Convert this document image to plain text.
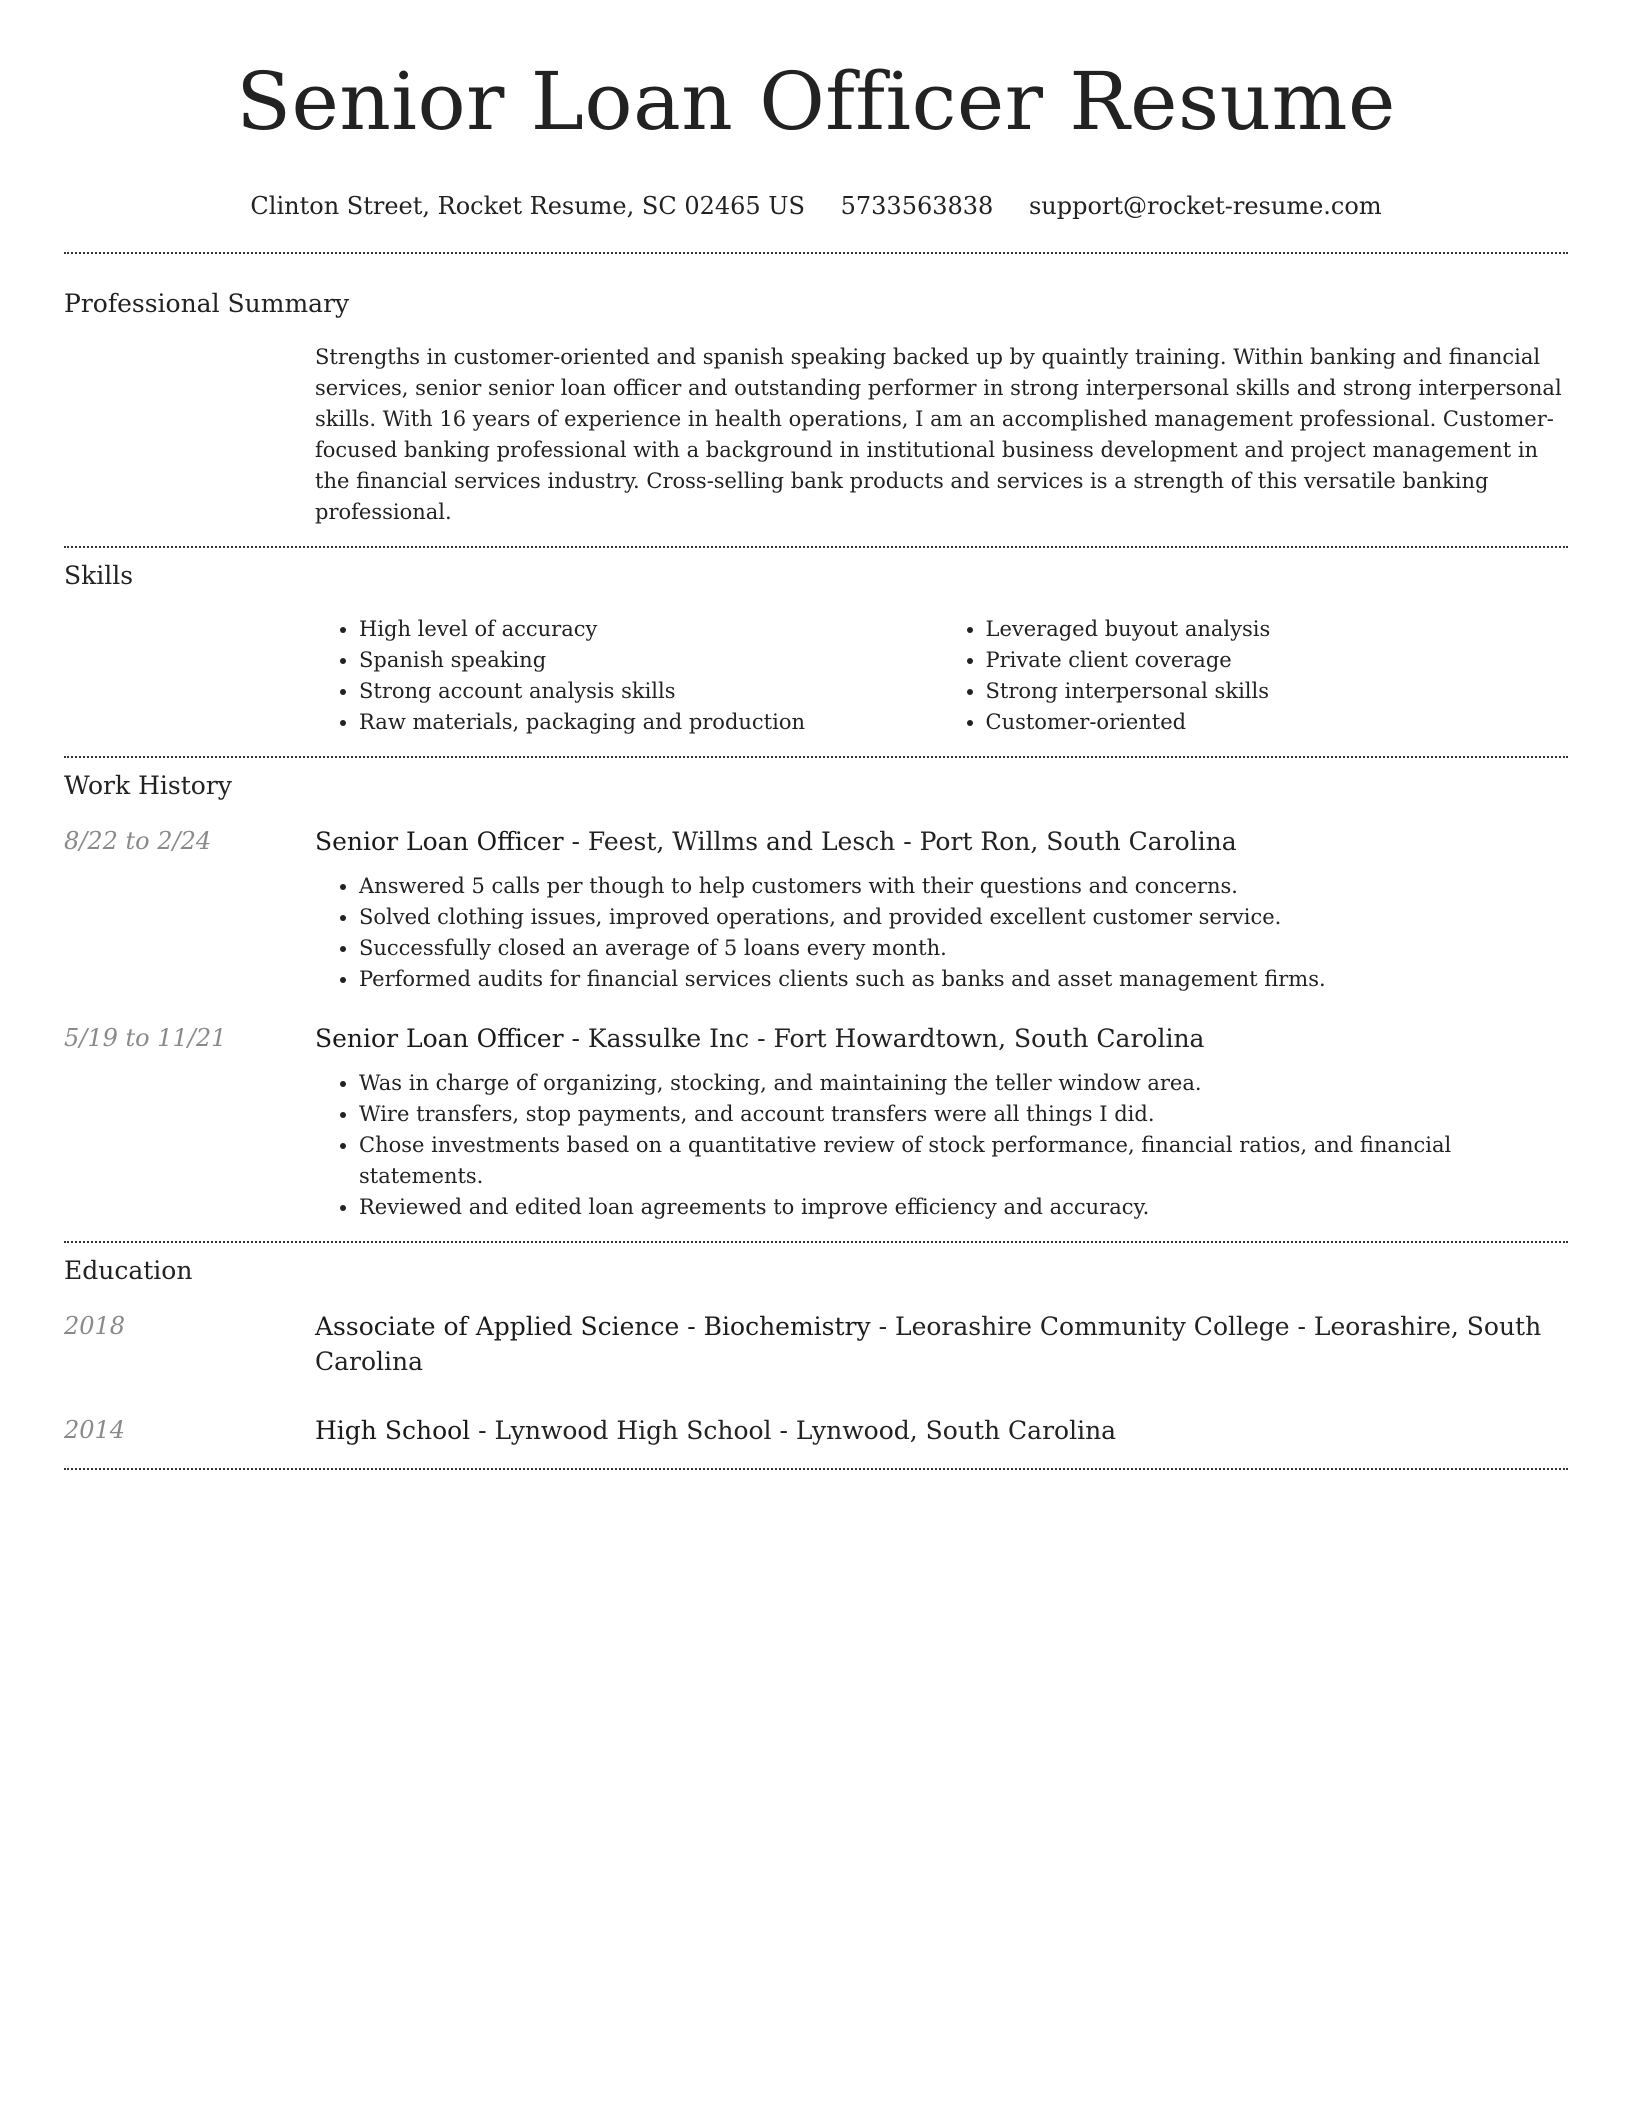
Senior Loan Officer Resume
Clinton Street, Rocket Resume, SC 02465 US 5733563838 support@rocket-resume.com
Professional Summary

Strengths in customer-oriented and spanish speaking backed up by quaintly training. Within banking and financial services, senior senior loan officer and outstanding performer in strong interpersonal skills and strong interpersonal skills. With 16 years of experience in health operations, I am an accomplished management professional. Customer-focused banking professional with a background in institutional business development and project management in the financial services industry. Cross-selling bank products and services is a strength of this versatile banking professional.

Skills
• High level of accuracy
• Spanish speaking
• Strong account analysis skills
• Raw materials, packaging and production
• Leveraged buyout analysis
• Private client coverage
• Strong interpersonal skills
• Customer-oriented
Work History
8/22 to 2/24	Senior Loan Officer - Feest, Willms and Lesch - Port Ron, South Carolina
• Answered 5 calls per though to help customers with their questions and concerns.
• Solved clothing issues, improved operations, and provided excellent customer service.
• Successfully closed an average of 5 loans every month.
• Performed audits for financial services clients such as banks and asset management firms.
5/19 to 11/21	Senior Loan Officer - Kassulke Inc - Fort Howardtown, South Carolina
• Was in charge of organizing, stocking, and maintaining the teller window area.
• Wire transfers, stop payments, and account transfers were all things I did.
• Chose investments based on a quantitative review of stock performance, financial ratios, and financial statements.
• Reviewed and edited loan agreements to improve efficiency and accuracy.
Education
2018	Associate of Applied Science - Biochemistry - Leorashire Community College - Leorashire, South Carolina
2014	High School - Lynwood High School - Lynwood, South Carolina
